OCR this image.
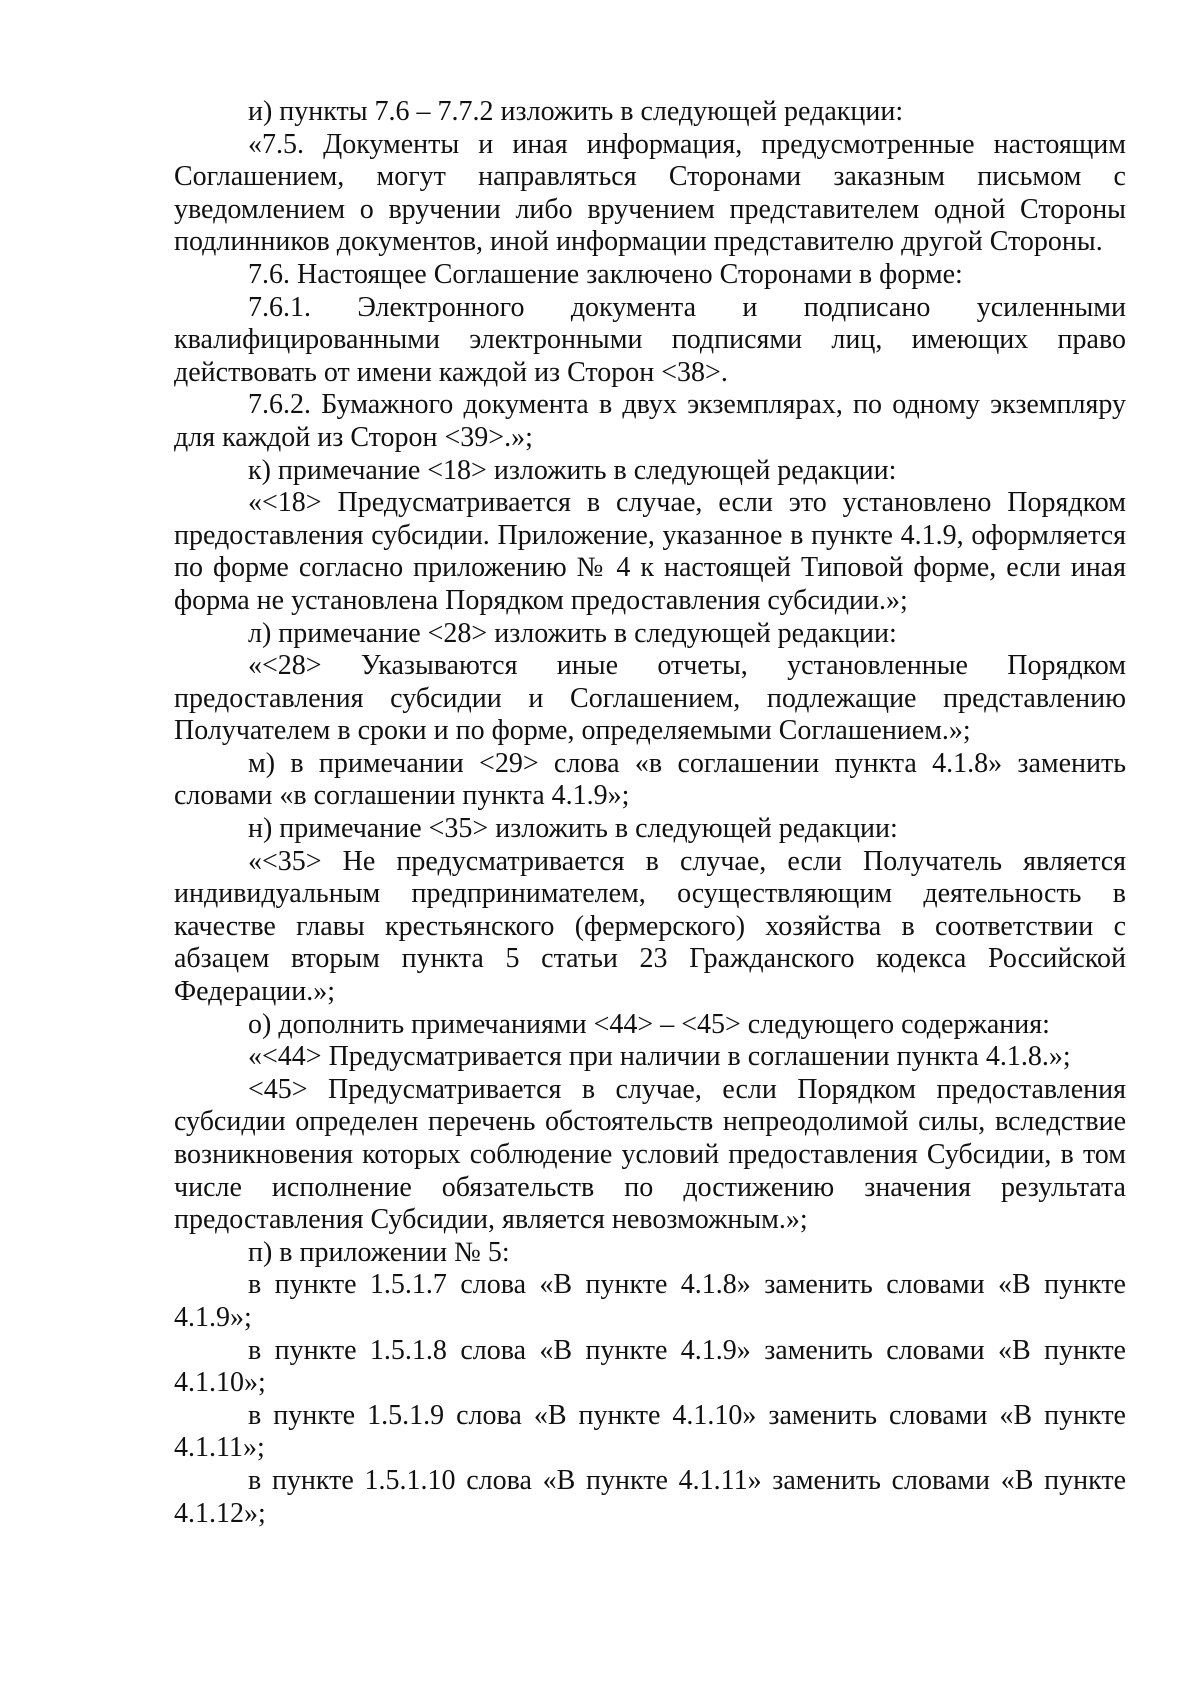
и) пункты 7.6 – 7.7.2 изложить в следующей редакции:

«7.5. Документы и иная информация, предусмотренные настоящим Соглашением, могут направляться Сторонами заказным письмом с уведомлением о вручении либо вручением представителем одной Стороны подлинников документов, иной информации представителю другой Стороны.

7.6. Настоящее Соглашение заключено Сторонами в форме:

7.6.1. Электронного документа и подписано усиленными квалифицированными электронными подписями лиц, имеющих право действовать от имени каждой из Сторон <38>.

7.6.2. Бумажного документа в двух экземплярах, по одному экземпляру для каждой из Сторон <39>.»;

к) примечание <18> изложить в следующей редакции:

«<18> Предусматривается в случае, если это установлено Порядком предоставления субсидии. Приложение, указанное в пункте 4.1.9, оформляется по форме согласно приложению № 4 к настоящей Типовой форме, если иная форма не установлена Порядком предоставления субсидии.»;

л) примечание <28> изложить в следующей редакции:

«<28> Указываются иные отчеты, установленные Порядком предоставления субсидии и Соглашением, подлежащие представлению Получателем в сроки и по форме, определяемыми Соглашением.»;

м) в примечании <29> слова «в соглашении пункта 4.1.8» заменить словами «в соглашении пункта 4.1.9»;

н) примечание <35> изложить в следующей редакции:

«<35> Не предусматривается в случае, если Получатель является индивидуальным предпринимателем, осуществляющим деятельность в качестве главы крестьянского (фермерского) хозяйства в соответствии с абзацем вторым пункта 5 статьи 23 Гражданского кодекса Российской Федерации.»;

о) дополнить примечаниями <44> – <45> следующего содержания:

«<44> Предусматривается при наличии в соглашении пункта 4.1.8.»;

<45> Предусматривается в случае, если Порядком предоставления субсидии определен перечень обстоятельств непреодолимой силы, вследствие возникновения которых соблюдение условий предоставления Субсидии, в том числе исполнение обязательств по достижению значения результата предоставления Субсидии, является невозможным.»;

п) в приложении № 5:

в пункте 1.5.1.7 слова «В пункте 4.1.8» заменить словами «В пункте 4.1.9»;

в пункте 1.5.1.8 слова «В пункте 4.1.9» заменить словами «В пункте 4.1.10»;

в пункте 1.5.1.9 слова «В пункте 4.1.10» заменить словами «В пункте 4.1.11»;

в пункте 1.5.1.10 слова «В пункте 4.1.11» заменить словами «В пункте 4.1.12»;
